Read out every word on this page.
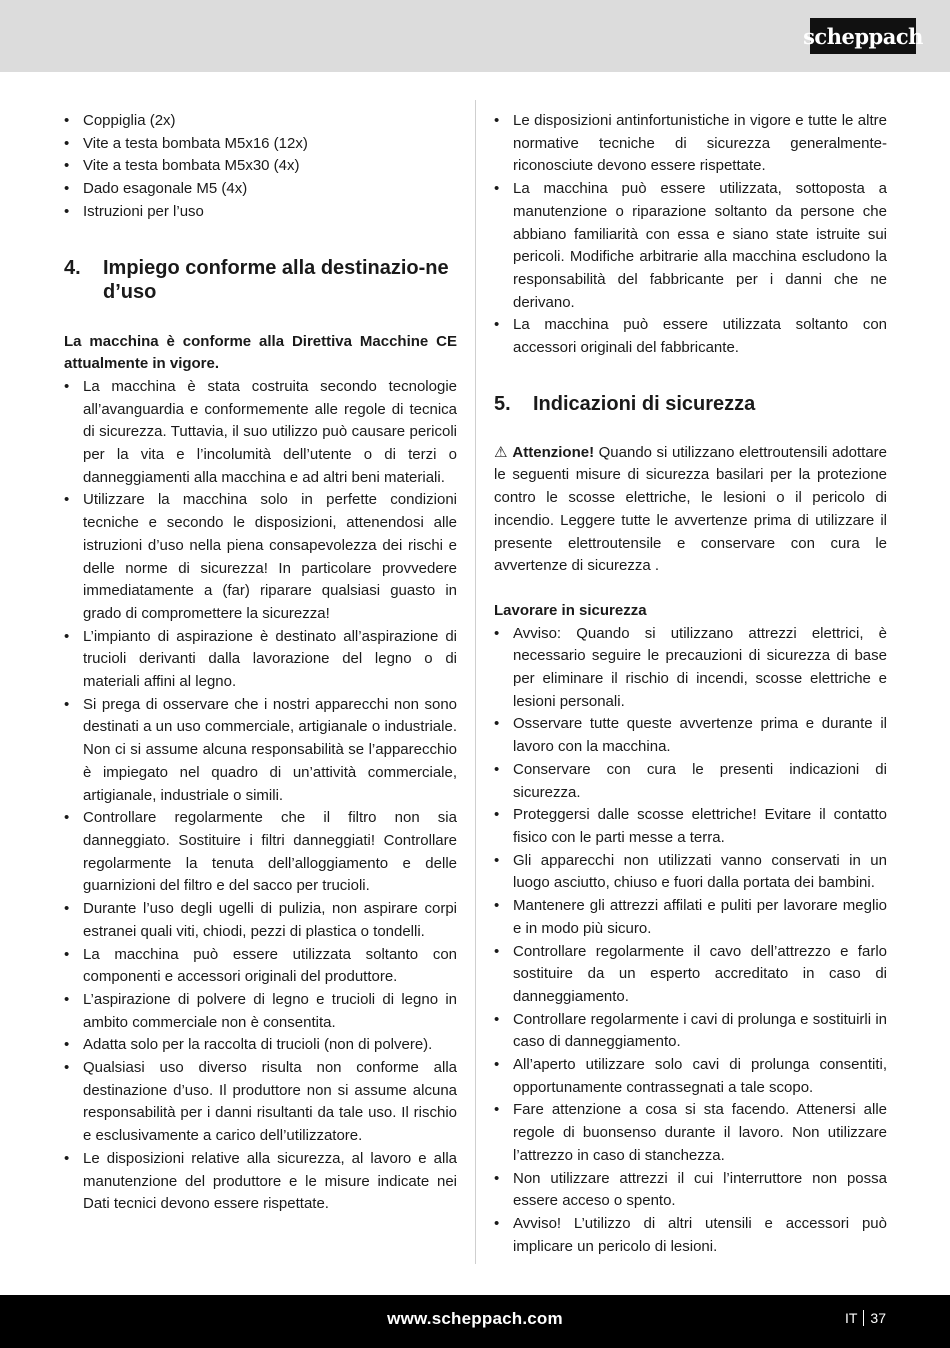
scheppach
• Coppiglia (2x)
• Vite a testa bombata M5x16 (12x)
• Vite a testa bombata M5x30 (4x)
• Dado esagonale M5 (4x)
• Istruzioni per l’uso
4.	Impiego conforme alla destinazio-ne d’uso

La macchina è conforme alla Direttiva Macchine CE attualmente in vigore.

• La macchina è stata costruita secondo tecnologie all’avanguardia e conformemente alle regole di tecnica di sicurezza. Tuttavia, il suo utilizzo può causare pericoli per la vita e l’incolumità dell’utente o di terzi o danneggiamenti alla macchina e ad altri beni materiali.
• Utilizzare la macchina solo in perfette condizioni tecniche e secondo le disposizioni, attenendosi alle istruzioni d’uso nella piena consapevolezza dei rischi e delle norme di sicurezza! In particolare provvedere immediatamente a (far) riparare qualsiasi guasto in grado di compromettere la sicurezza!
• L’impianto di aspirazione è destinato all’aspirazione di trucioli derivanti dalla lavorazione del legno o di materiali affini al legno.
• Si prega di osservare che i nostri apparecchi non sono destinati a un uso commerciale, artigianale o industriale. Non ci si assume alcuna responsabilità se l’apparecchio è impiegato nel quadro di un’attività commerciale, artigianale, industriale o simili.
• Controllare regolarmente che il filtro non sia danneggiato. Sostituire i filtri danneggiati! Controllare regolarmente la tenuta dell’alloggiamento e delle guarnizioni del filtro e del sacco per trucioli.
• Durante l’uso degli ugelli di pulizia, non aspirare corpi estranei quali viti, chiodi, pezzi di plastica o tondelli.
• La macchina può essere utilizzata soltanto con componenti e accessori originali del produttore.
• L’aspirazione di polvere di legno e trucioli di legno in ambito commerciale non è consentita.
• Adatta solo per la raccolta di trucioli (non di polvere).
• Qualsiasi uso diverso risulta non conforme alla destinazione d’uso. Il produttore non si assume alcuna responsabilità per i danni risultanti da tale uso. Il rischio e esclusivamente a carico dell’utilizzatore.
• Le disposizioni relative alla sicurezza, al lavoro e alla manutenzione del produttore e le misure indicate nei Dati tecnici devono essere rispettate.
• Le disposizioni antinfortunistiche in vigore e tutte le altre normative tecniche di sicurezza generalmente-riconosciute devono essere rispettate.
• La macchina può essere utilizzata, sottoposta a manutenzione o riparazione soltanto da persone che abbiano familiarità con essa e siano state istruite sui pericoli. Modifiche arbitrarie alla macchina escludono la responsabilità del fabbricante per i danni che ne derivano.
• La macchina può essere utilizzata soltanto con accessori originali del fabbricante.
5.	Indicazioni di sicurezza

⚠ Attenzione! Quando si utilizzano elettroutensili adottare le seguenti misure di sicurezza basilari per la protezione contro le scosse elettriche, le lesioni o il pericolo di incendio. Leggere tutte le avvertenze prima di utilizzare il presente elettroutensile e conservare con cura le avvertenze di sicurezza .

Lavorare in sicurezza

• Avviso: Quando si utilizzano attrezzi elettrici, è necessario seguire le precauzioni di sicurezza di base per eliminare il rischio di incendi, scosse elettriche e lesioni personali.
• Osservare tutte queste avvertenze prima e durante il lavoro con la macchina.
• Conservare con cura le presenti indicazioni di sicurezza.
• Proteggersi dalle scosse elettriche! Evitare il contatto fisico con le parti messe a terra.
• Gli apparecchi non utilizzati vanno conservati in un luogo asciutto, chiuso e fuori dalla portata dei bambini.
• Mantenere gli attrezzi affilati e puliti per lavorare meglio e in modo più sicuro.
• Controllare regolarmente il cavo dell’attrezzo e farlo sostituire da un esperto accreditato in caso di danneggiamento.
• Controllare regolarmente i cavi di prolunga e sostituirli in caso di danneggiamento.
• All’aperto utilizzare solo cavi di prolunga consentiti, opportunamente contrassegnati a tale scopo.
• Fare attenzione a cosa si sta facendo. Attenersi alle regole di buonsenso durante il lavoro. Non utilizzare l’attrezzo in caso di stanchezza.
• Non utilizzare attrezzi il cui l’interruttore non possa essere acceso o spento.
• Avviso! L’utilizzo di altri utensili e accessori può implicare un pericolo di lesioni.
www.scheppach.com	IT 37
